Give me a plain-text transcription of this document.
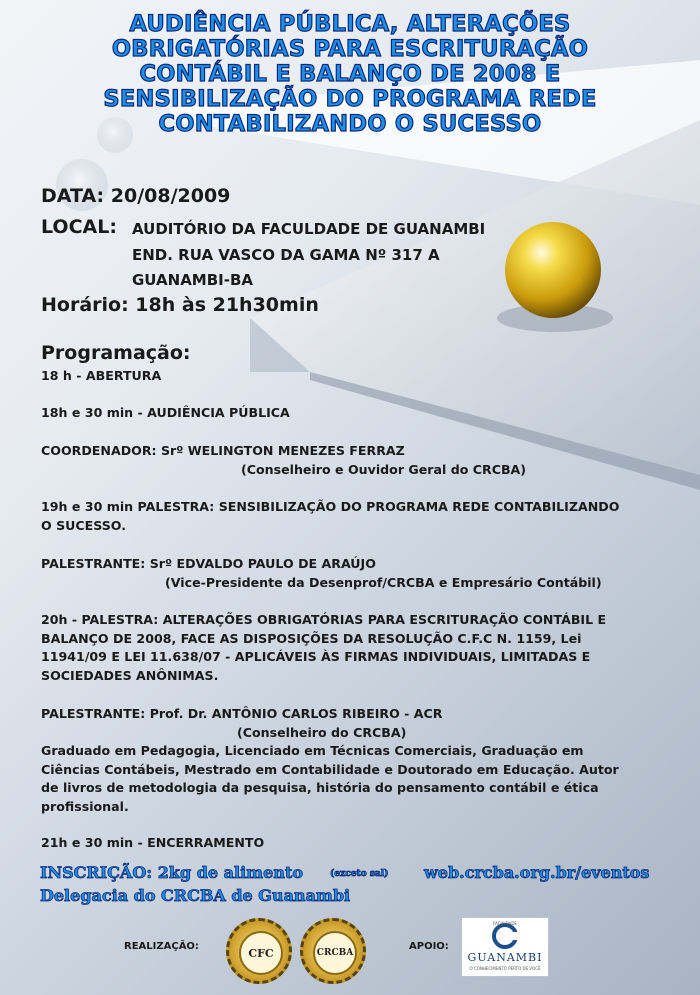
AUDIÊNCIA PÚBLICA, ALTERAÇÕES
OBRIGATÓRIAS PARA ESCRITURAÇÃO
CONTÁBIL E BALANÇO DE 2008 E
SENSIBILIZAÇÃO DO PROGRAMA REDE
CONTABILIZANDO O SUCESSO
DATA: 20/08/2009
LOCAL: AUDITÓRIO DA FACULDADE DE GUANAMBI
END. RUA VASCO DA GAMA Nº 317 A
GUANAMBI-BA
Horário: 18h às 21h30min
Programação:

18 h - ABERTURA

18h e 30 min - AUDIÊNCIA PÚBLICA

COORDENADOR: Srº WELINGTON MENEZES FERRAZ

(Conselheiro e Ouvidor Geral do CRCBA)

19h e 30 min PALESTRA: SENSIBILIZAÇÃO DO PROGRAMA REDE CONTABILIZANDO

O SUCESSO.

PALESTRANTE: Srº EDVALDO PAULO DE ARAÚJO

(Vice-Presidente da Desenprof/CRCBA e Empresário Contábil)

20h - PALESTRA: ALTERAÇÕES OBRIGATÓRIAS PARA ESCRITURAÇÃO CONTÁBIL E

BALANÇO DE 2008, FACE AS DISPOSIÇÕES DA RESOLUÇÃO C.F.C N. 1159, Lei

11941/09 E LEI 11.638/07 - APLICÁVEIS ÀS FIRMAS INDIVIDUAIS, LIMITADAS E

SOCIEDADES ANÔNIMAS.

PALESTRANTE: Prof. Dr. ANTÔNIO CARLOS RIBEIRO - ACR

(Conselheiro do CRCBA)

Graduado em Pedagogia, Licenciado em Técnicas Comerciais, Graduação em

Ciências Contábeis, Mestrado em Contabilidade e Doutorado em Educação. Autor

de livros de metodologia da pesquisa, história do pensamento contábil e ética

profissional.

21h e 30 min - ENCERRAMENTO

INSCRIÇÃO: 2kg de alimento	(exceto sal)
Delegacia do CRCBA de Guanambi
web.crcba.org.br/eventos
REALIZAÇÃO:	CFC	CRCBA
APOIO:
FACULDADE
GUANAMBI
O CONHECIMENTO PERTO DE VOCÊ
